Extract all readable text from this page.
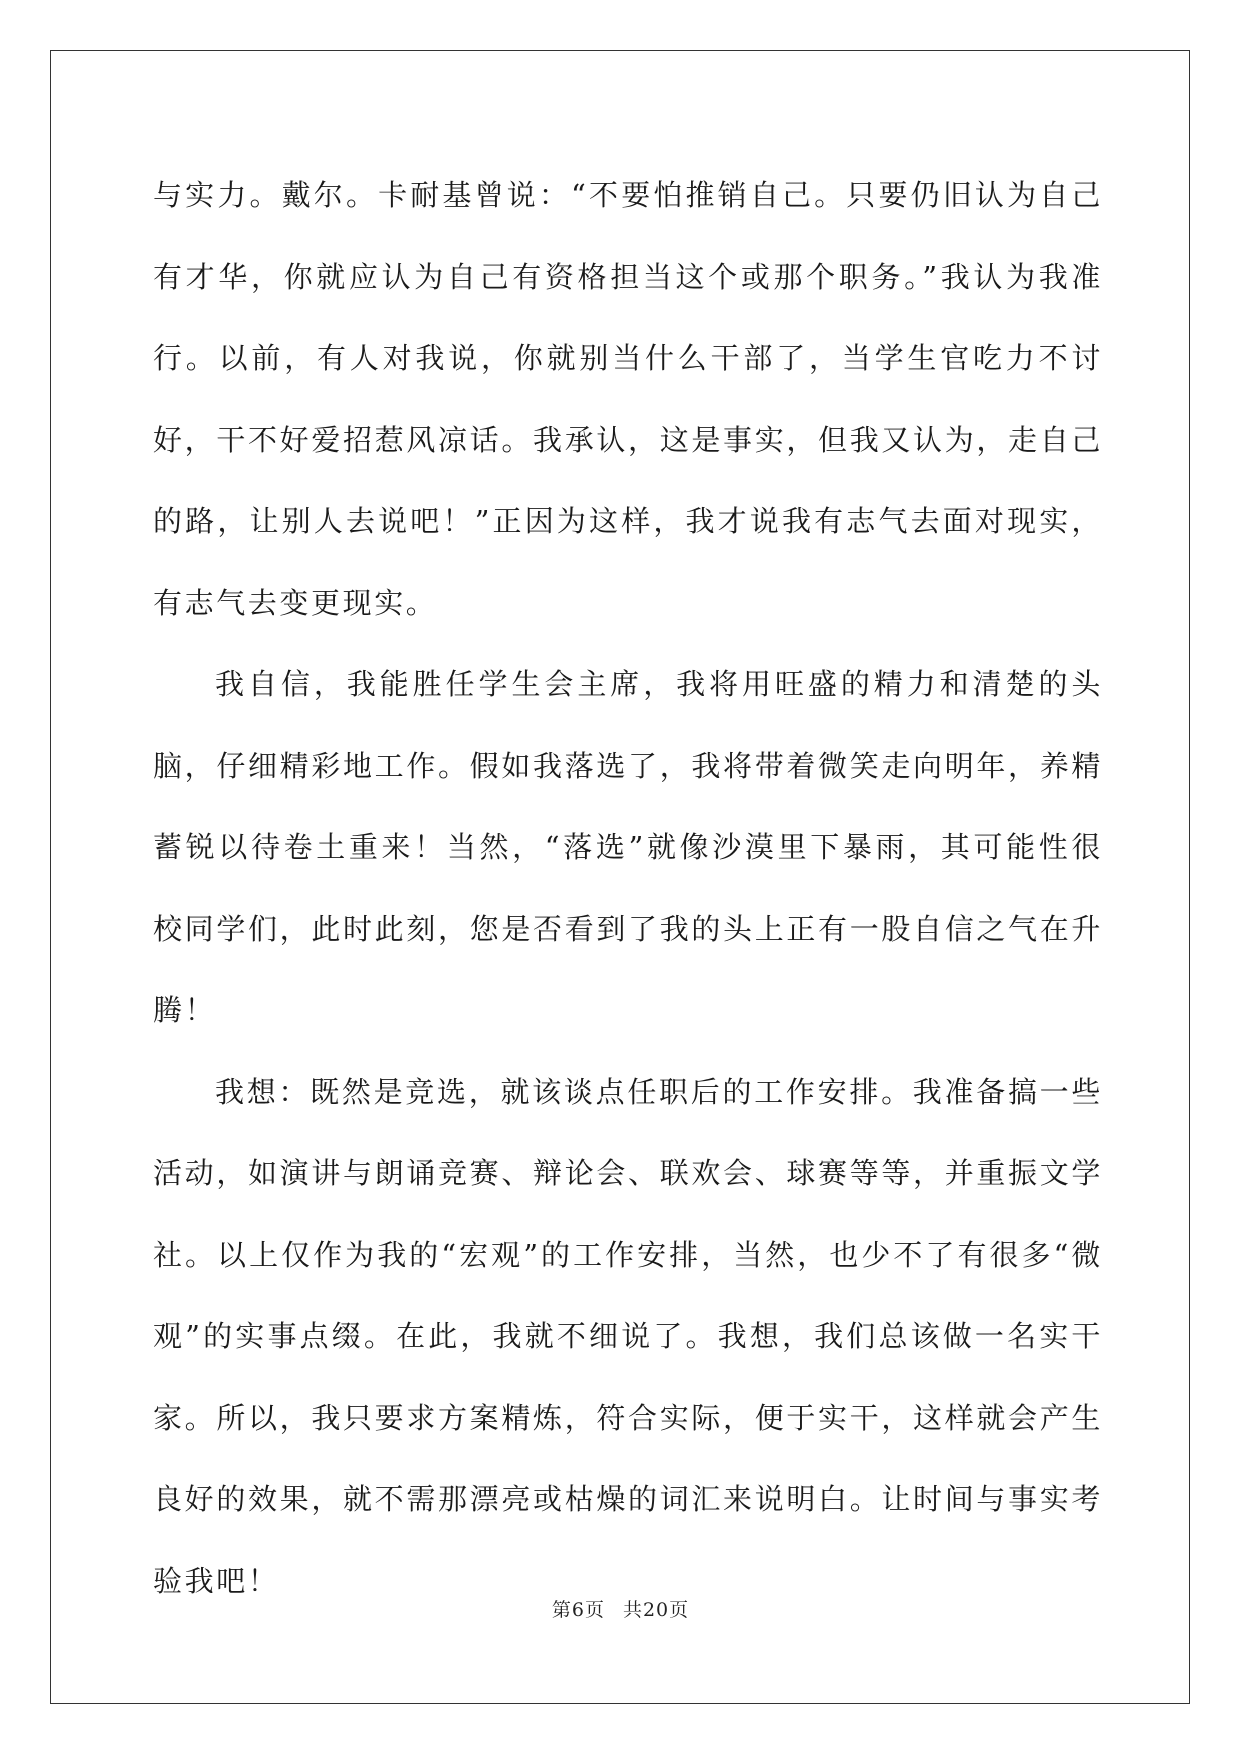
与实力。戴尔。卡耐基曾说：“不要怕推销自己。只要仍旧认为自己有才华，你就应认为自己有资格担当这个或那个职务。”我认为我准行。以前，有人对我说，你就别当什么干部了，当学生官吃力不讨好，干不好爱招惹风凉话。我承认，这是事实，但我又认为，走自己的路，让别人去说吧！”正因为这样，我才说我有志气去面对现实，有志气去变更现实。

我自信，我能胜任学生会主席，我将用旺盛的精力和清楚的头脑，仔细精彩地工作。假如我落选了，我将带着微笑走向明年，养精蓄锐以待卷土重来！当然，“落选”就像沙漠里下暴雨，其可能性很校同学们，此时此刻，您是否看到了我的头上正有一股自信之气在升腾！

我想：既然是竞选，就该谈点任职后的工作安排。我准备搞一些活动，如演讲与朗诵竞赛、辩论会、联欢会、球赛等等，并重振文学社。以上仅作为我的“宏观”的工作安排，当然，也少不了有很多“微观”的实事点缀。在此，我就不细说了。我想，我们总该做一名实干家。所以，我只要求方案精炼，符合实际，便于实干，这样就会产生良好的效果，就不需那漂亮或枯燥的词汇来说明白。让时间与事实考验我吧！

第6页 共20页
